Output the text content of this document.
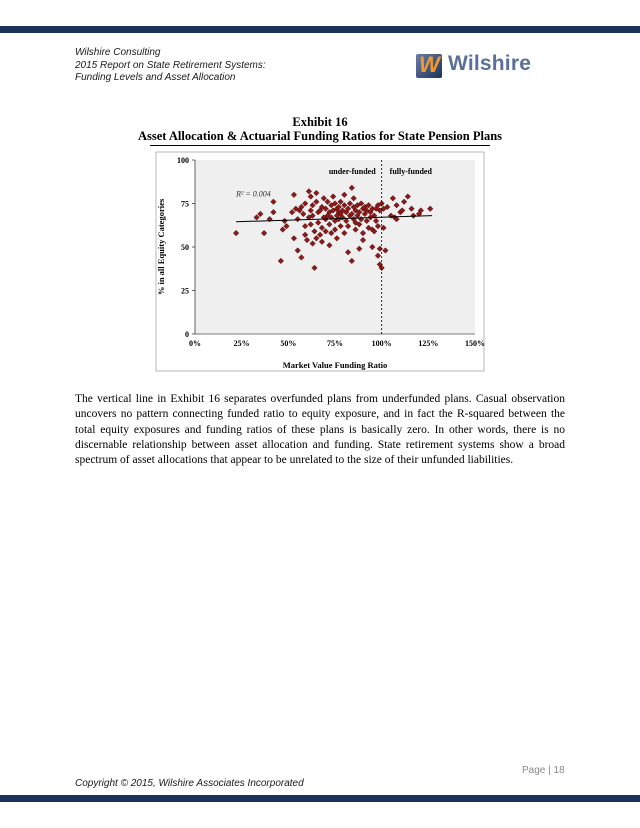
Wilshire Consulting
2015 Report on State Retirement Systems:
Funding Levels and Asset Allocation
W Wilshire
Exhibit 16
Asset Allocation & Actuarial Funding Ratios for State Pension Plans
0%	25%	50%	75%	100%	125%	150%
0
25
50
75
100
R² = 0.004
under-funded fully-funded
Market Value Funding Ratio
% in all Equity Categories
The vertical line in Exhibit 16 separates overfunded plans from underfunded plans. Casual observation uncovers no pattern connecting funded ratio to equity exposure, and in fact the R-squared between the total equity exposures and funding ratios of these plans is basically zero. In other words, there is no discernable relationship between asset allocation and funding. State retirement systems show a broad spectrum of asset allocations that appear to be unrelated to the size of their unfunded liabilities.
Page | 18
Copyright © 2015, Wilshire Associates Incorporated
